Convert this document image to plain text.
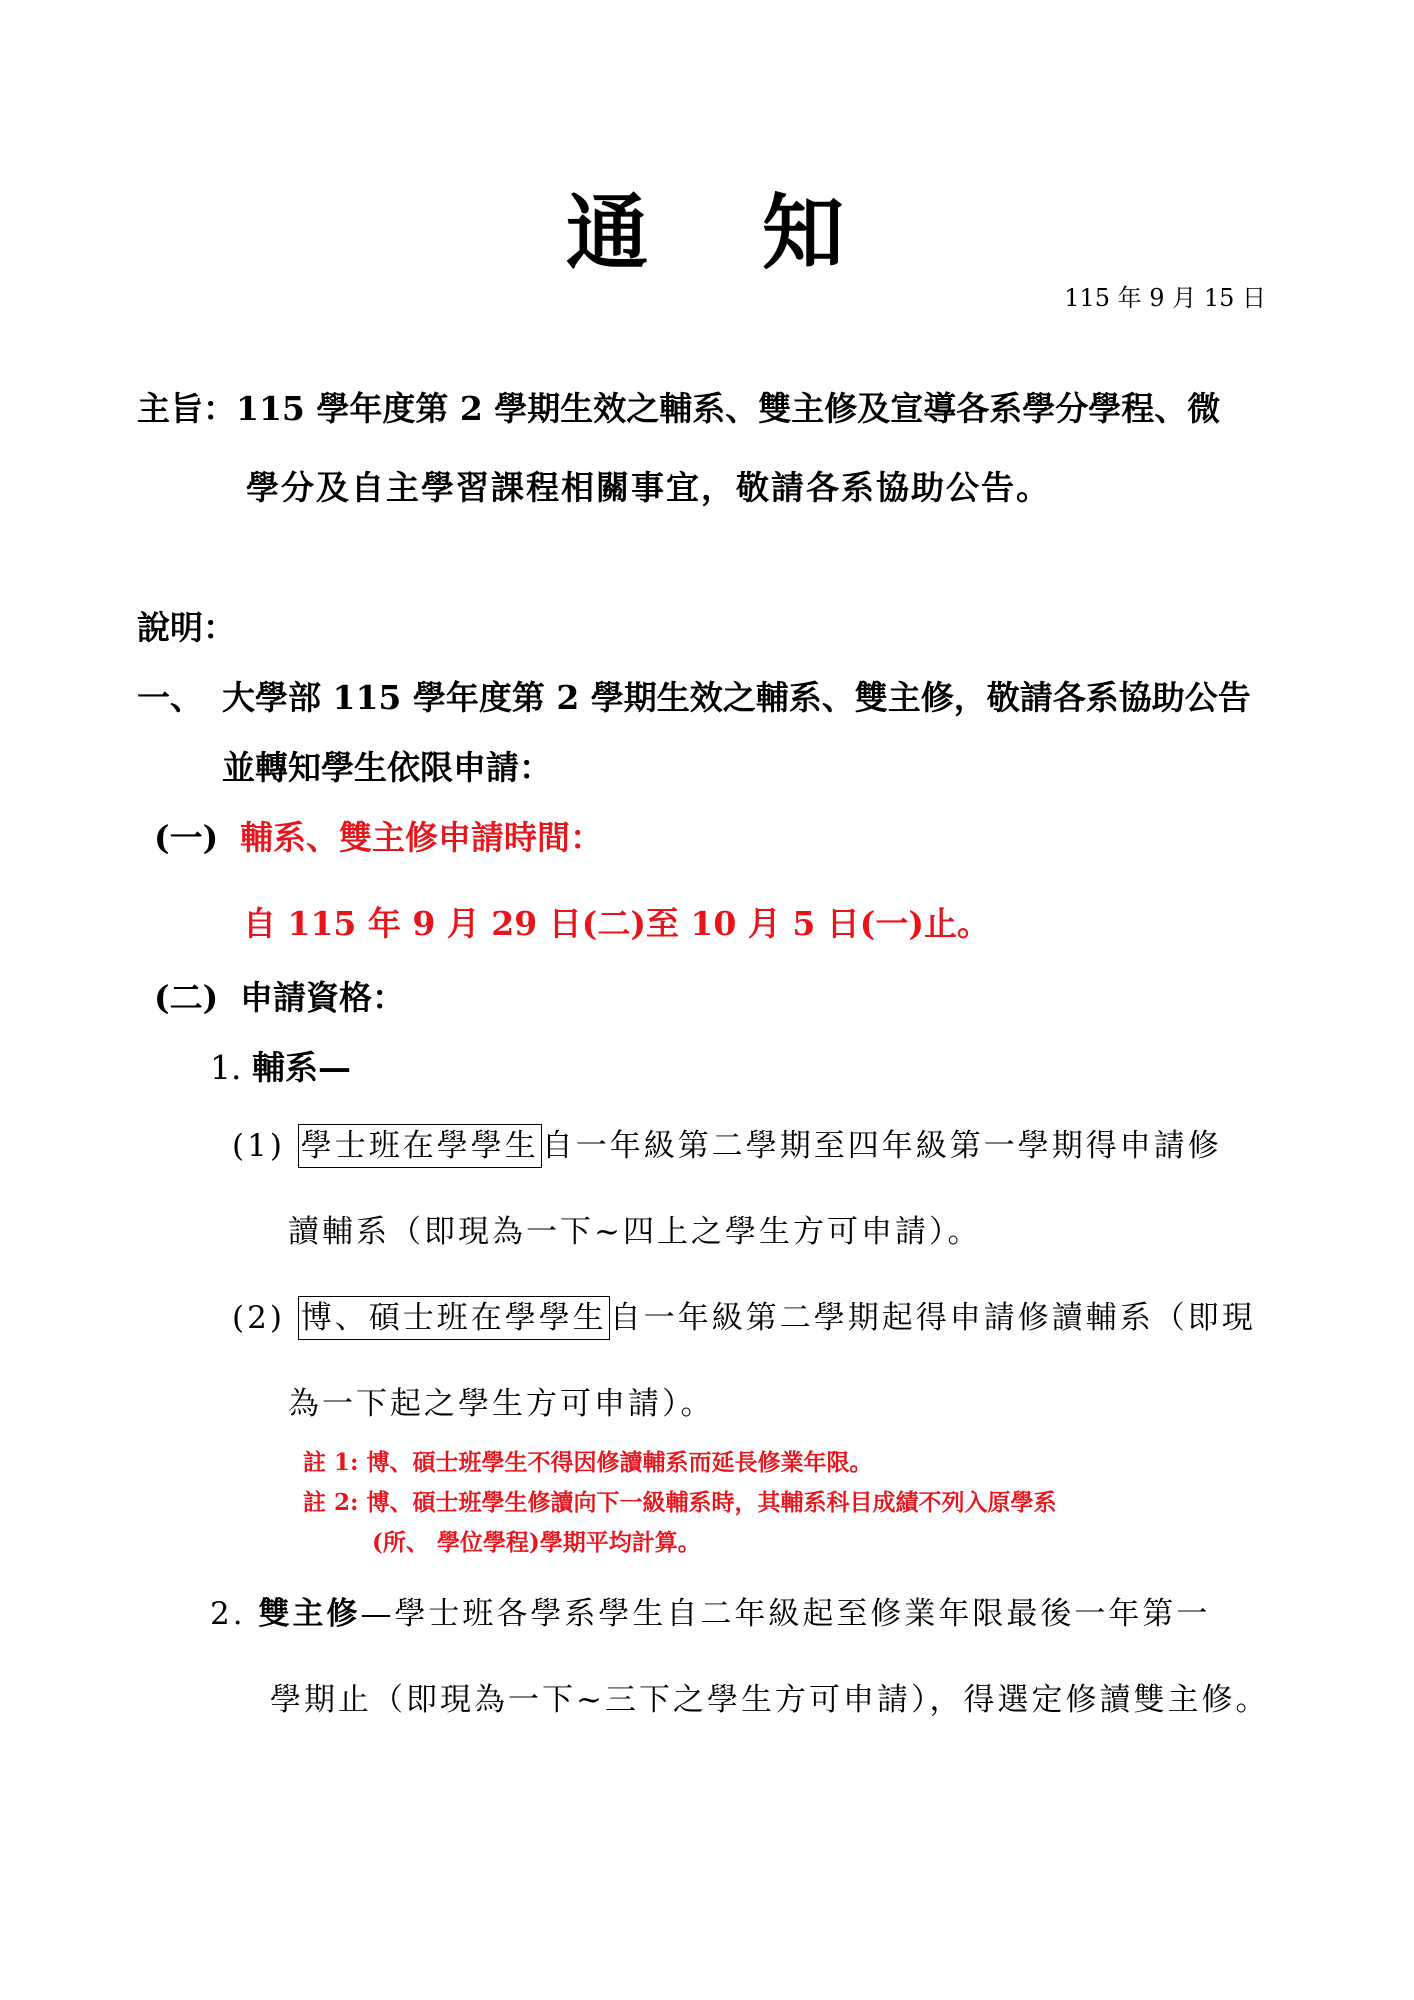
通 知
115 年 9 月 15 日
主旨：115 學年度第 2 學期生效之輔系、雙主修及宣導各系學分學程、微
學分及自主學習課程相關事宜，敬請各系協助公告。
說明：
一、 大學部 115 學年度第 2 學期生效之輔系、雙主修，敬請各系協助公告
並轉知學生依限申請：
(一) 輔系、雙主修申請時間：
自 115 年 9 月 29 日(二)至 10 月 5 日(一)止。
(二) 申請資格：
1. 輔系—
(1) 學士班在學學生自一年級第二學期至四年級第一學期得申請修
讀輔系（即現為一下~四上之學生方可申請）。
(2) 博、碩士班在學學生自一年級第二學期起得申請修讀輔系（即現
為一下起之學生方可申請）。
註 1: 博、碩士班學生不得因修讀輔系而延長修業年限。
註 2: 博、碩士班學生修讀向下一級輔系時，其輔系科目成績不列入原學系
(所、 學位學程)學期平均計算。
2. 雙主修—學士班各學系學生自二年級起至修業年限最後一年第一
學期止（即現為一下~三下之學生方可申請），得選定修讀雙主修。
